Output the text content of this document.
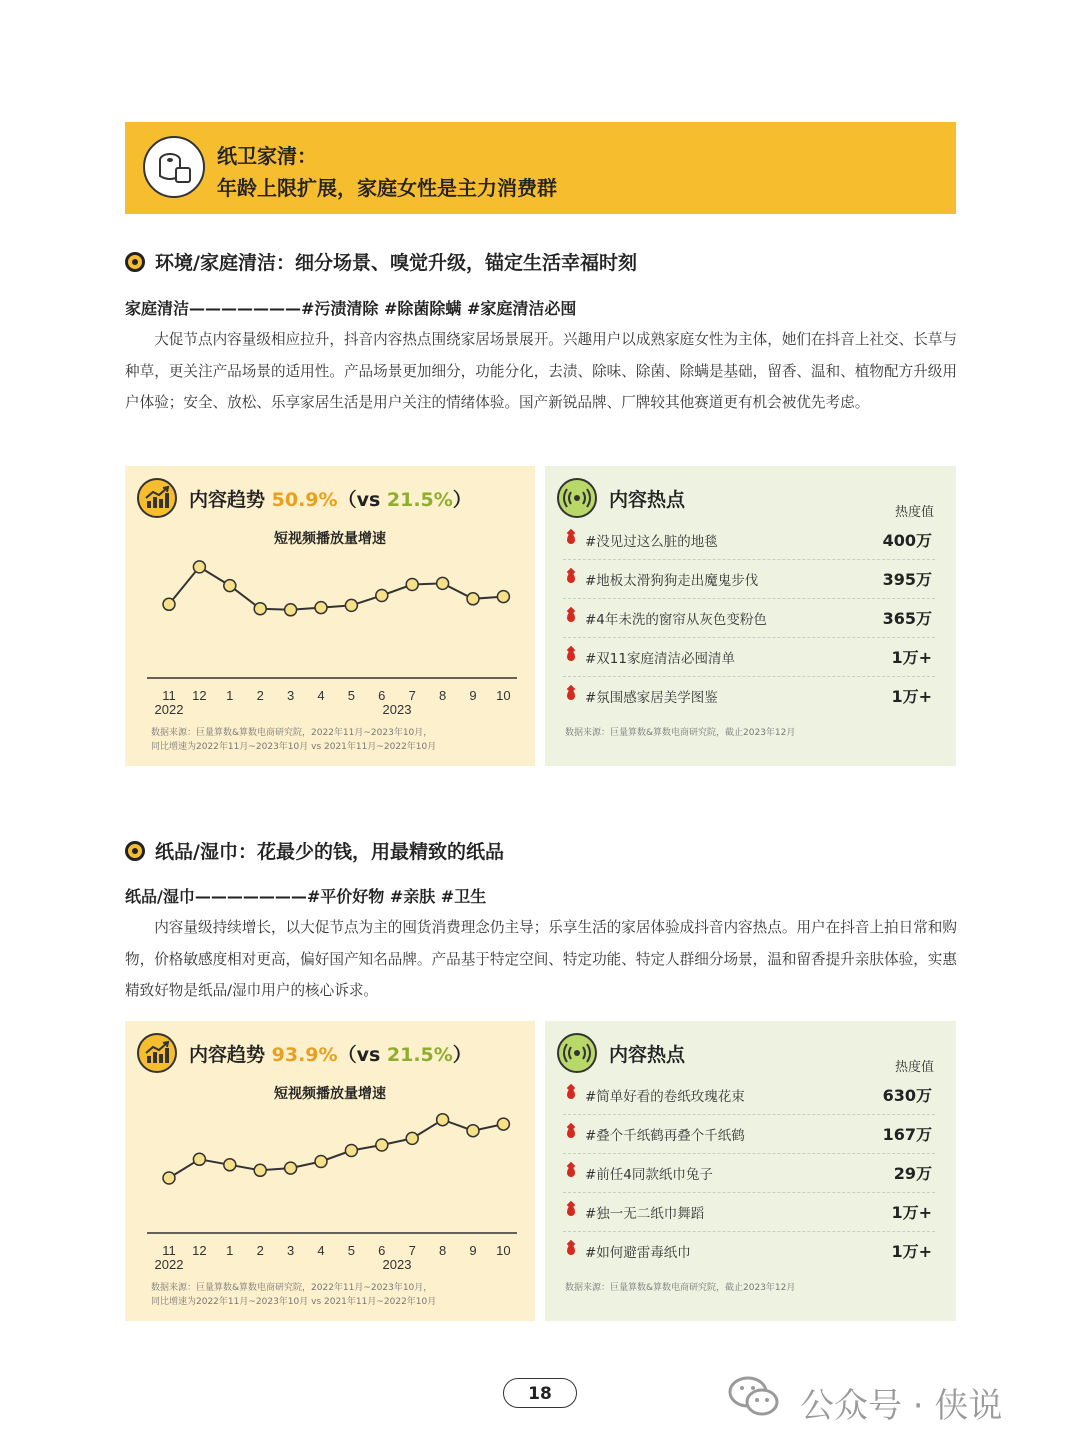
纸卫家清：
年龄上限扩展，家庭女性是主力消费群
环境/家庭清洁：细分场景、嗅觉升级，锚定生活幸福时刻
家庭清洁———————#污渍清除 #除菌除螨 #家庭清洁必囤
大促节点内容量级相应拉升，抖音内容热点围绕家居场景展开。兴趣用户以成熟家庭女性为主体，她们在抖音上社交、长草与种草，更关注产品场景的适用性。产品场景更加细分，功能分化，去渍、除味、除菌、除螨是基础，留香、温和、植物配方升级用户体验；安全、放松、乐享家居生活是用户关注的情绪体验。国产新锐品牌、厂牌较其他赛道更有机会被优先考虑。
内容趋势 50.9%（vs 21.5%）
短视频播放量增速
11 12 1 2 3 4 5 6 7 8 9 10
2022	2023
数据来源：巨量算数&算数电商研究院，2022年11月~2023年10月，
同比增速为2022年11月~2023年10月 vs 2021年11月~2022年10月
内容热点
热度值
#没见过这么脏的地毯	400万
#地板太滑狗狗走出魔鬼步伐	395万
#4年未洗的窗帘从灰色变粉色	365万
#双11家庭清洁必囤清单	1万+
#氛围感家居美学图鉴	1万+
数据来源：巨量算数&算数电商研究院，截止2023年12月
纸品/湿巾：花最少的钱，用最精致的纸品
纸品/湿巾———————#平价好物 #亲肤 #卫生
内容量级持续增长，以大促节点为主的囤货消费理念仍主导；乐享生活的家居体验成抖音内容热点。用户在抖音上拍日常和购物，价格敏感度相对更高，偏好国产知名品牌。产品基于特定空间、特定功能、特定人群细分场景，温和留香提升亲肤体验，实惠精致好物是纸品/湿巾用户的核心诉求。
内容趋势 93.9%（vs 21.5%）
短视频播放量增速
11 12 1 2 3 4 5 6 7 8 9 10
2022	2023
数据来源：巨量算数&算数电商研究院，2022年11月~2023年10月，
同比增速为2022年11月~2023年10月 vs 2021年11月~2022年10月
内容热点
热度值
#简单好看的卷纸玫瑰花束	630万
#叠个千纸鹤再叠个千纸鹤	167万
#前任4同款纸巾兔子	29万
#独一无二纸巾舞蹈	1万+
#如何避雷毒纸巾	1万+
数据来源：巨量算数&算数电商研究院，截止2023年12月
18	公众号 · 侠说
